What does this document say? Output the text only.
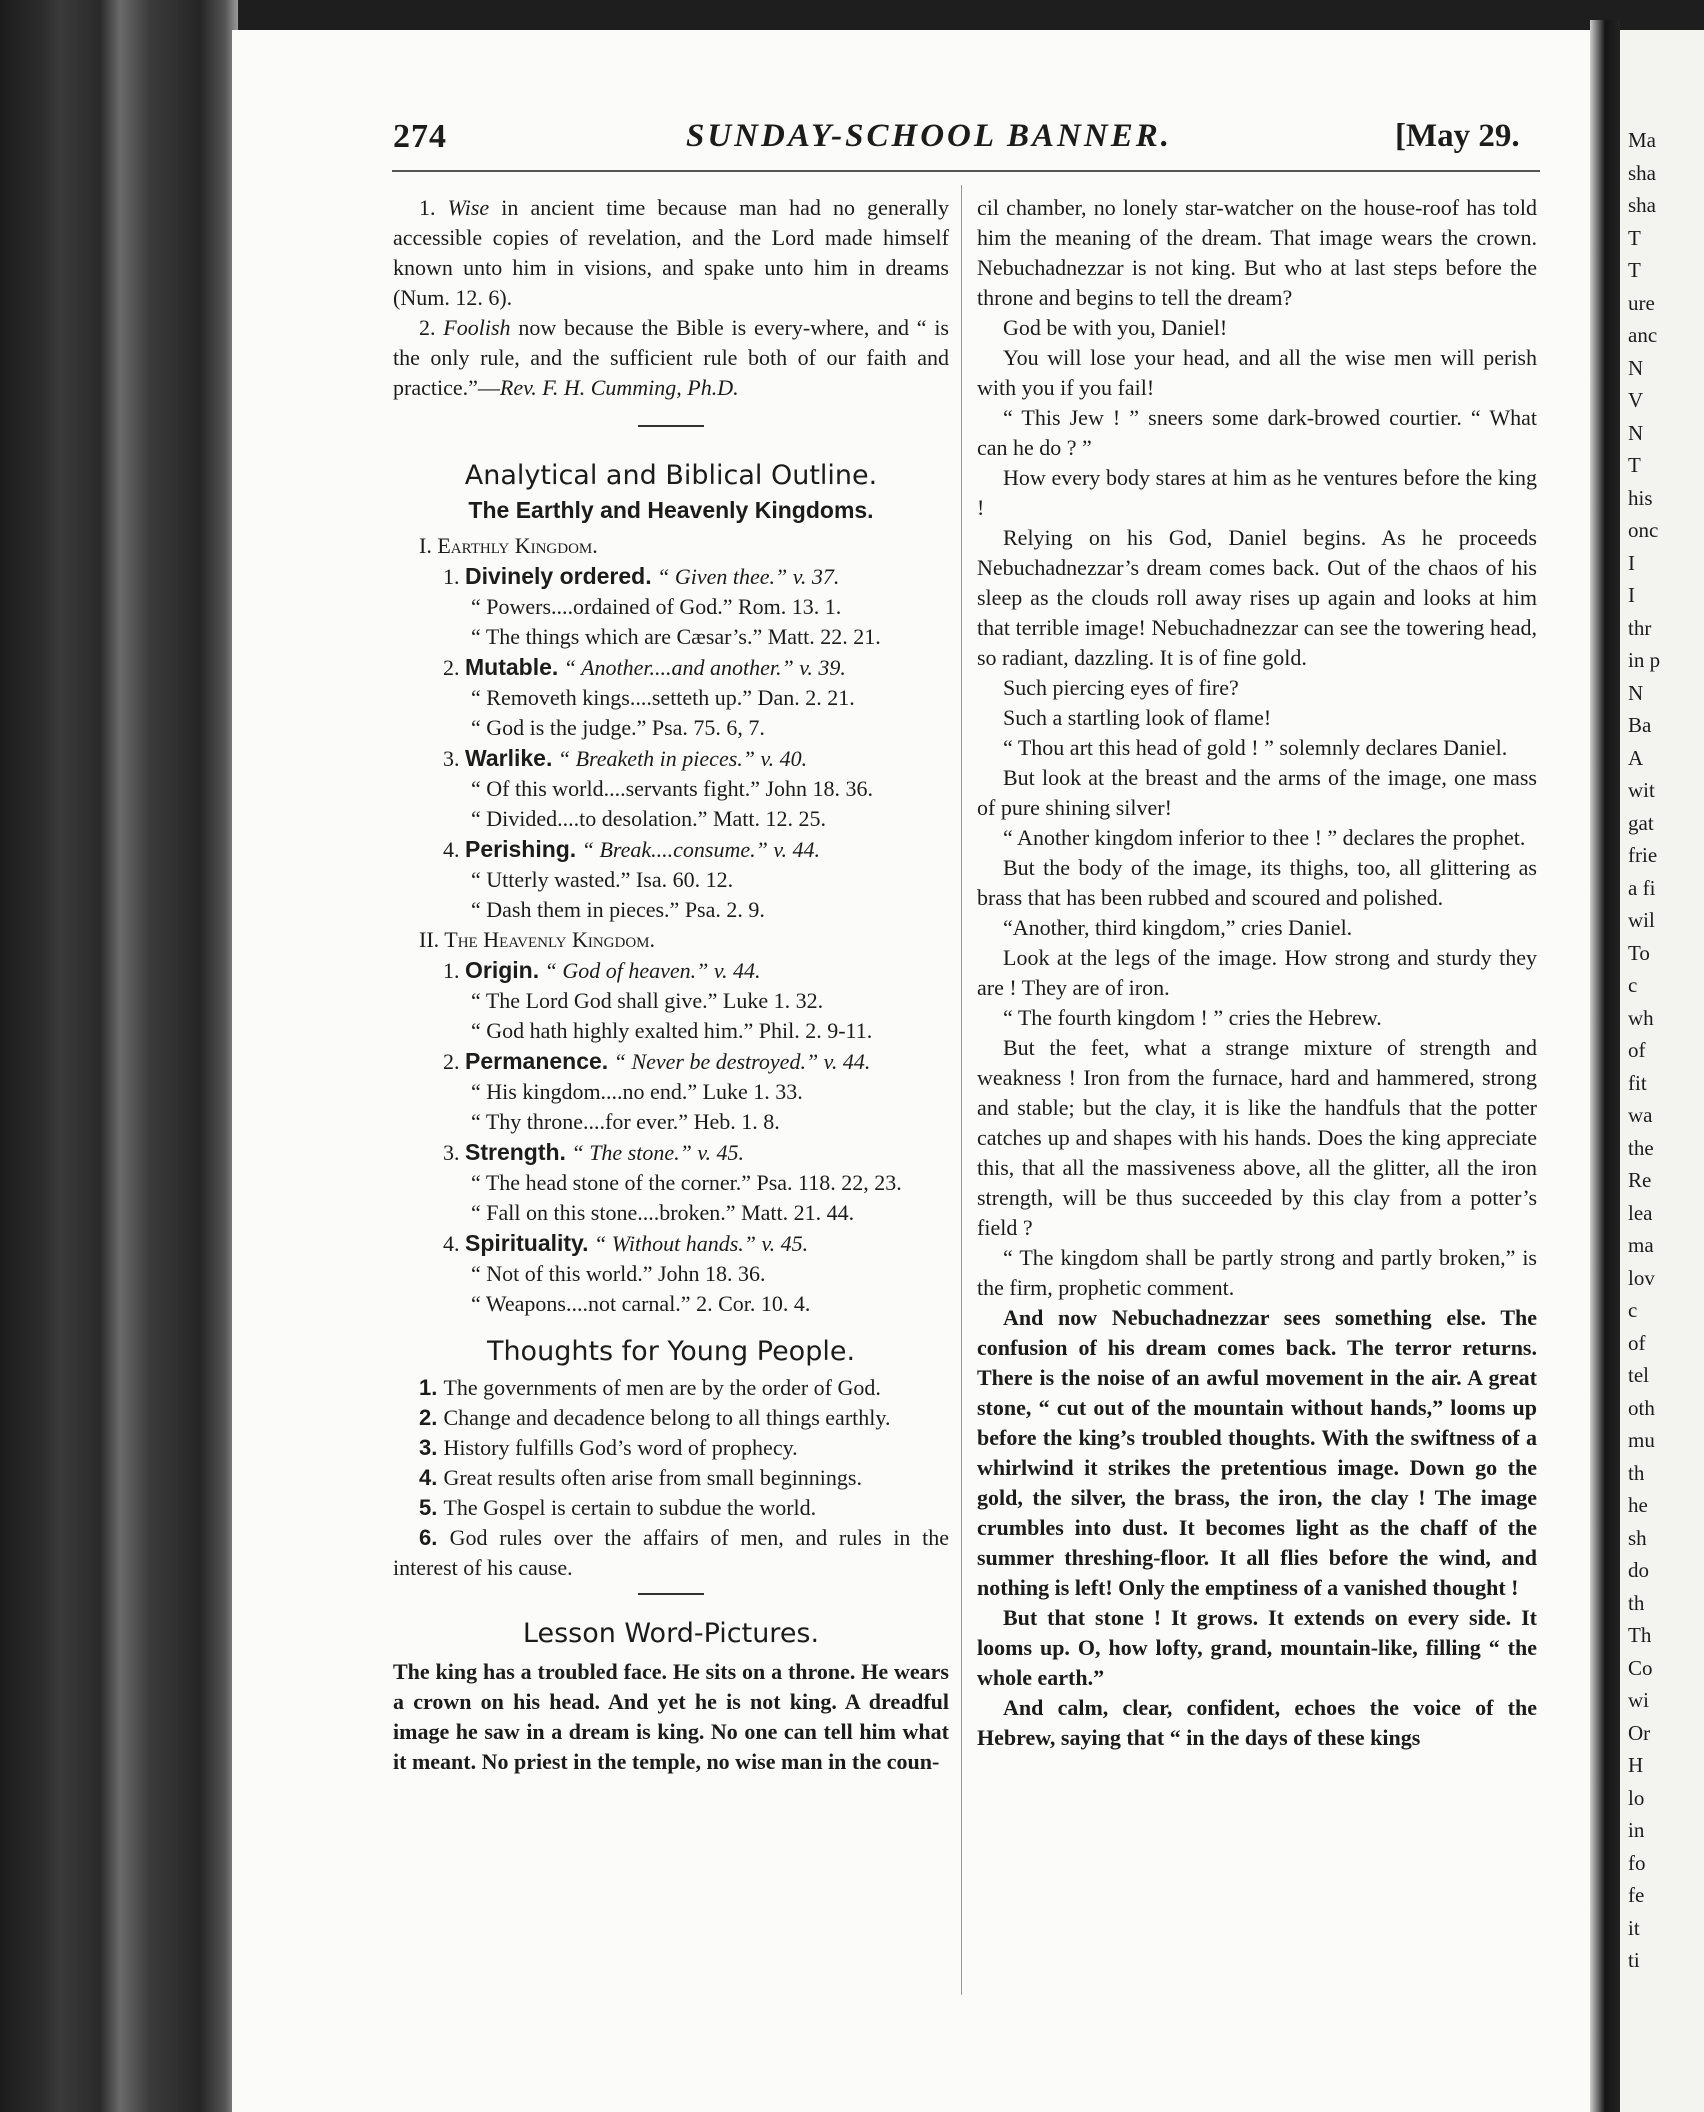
Ma
sha
sha
T
T
ure
anc
N
V
N
T
his
onc
I
I
thr
in p
N
Ba
A
wit
gat
frie
a fi
wil
To
c
wh
of
fit
wa
the
Re
lea
ma
lov
c
of
tel
oth
mu
th
he
sh
do
th
Th
Co
wi
Or
H
lo
in
fo
fe
it
ti
274	SUNDAY-SCHOOL BANNER.	[May 29.

1. Wise in ancient time because man had no generally accessible copies of revelation, and the Lord made himself known unto him in visions, and spake unto him in dreams (Num. 12. 6).

2. Foolish now because the Bible is every-where, and “ is the only rule, and the sufficient rule both of our faith and practice.”—Rev. F. H. Cumming, Ph.D.

Analytical and Biblical Outline.

The Earthly and Heavenly Kingdoms.

I. Earthly Kingdom.

1. Divinely ordered. “ Given thee.” v. 37.

“ Powers....ordained of God.” Rom. 13. 1.

“ The things which are Cæsar’s.” Matt. 22. 21.

2. Mutable. “ Another....and another.” v. 39.

“ Removeth kings....setteth up.” Dan. 2. 21.

“ God is the judge.” Psa. 75. 6, 7.

3. Warlike. “ Breaketh in pieces.” v. 40.

“ Of this world....servants fight.” John 18. 36.

“ Divided....to desolation.” Matt. 12. 25.

4. Perishing. “ Break....consume.” v. 44.

“ Utterly wasted.” Isa. 60. 12.

“ Dash them in pieces.” Psa. 2. 9.

II. The Heavenly Kingdom.

1. Origin. “ God of heaven.” v. 44.

“ The Lord God shall give.” Luke 1. 32.

“ God hath highly exalted him.” Phil. 2. 9-11.

2. Permanence. “ Never be destroyed.” v. 44.

“ His kingdom....no end.” Luke 1. 33.

“ Thy throne....for ever.” Heb. 1. 8.

3. Strength. “ The stone.” v. 45.

“ The head stone of the corner.” Psa. 118. 22, 23.

“ Fall on this stone....broken.” Matt. 21. 44.

4. Spirituality. “ Without hands.” v. 45.

“ Not of this world.” John 18. 36.

“ Weapons....not carnal.” 2. Cor. 10. 4.

Thoughts for Young People.

1. The governments of men are by the order of God.

2. Change and decadence belong to all things earthly.

3. History fulfills God’s word of prophecy.

4. Great results often arise from small beginnings.

5. The Gospel is certain to subdue the world.

6. God rules over the affairs of men, and rules in the interest of his cause.

Lesson Word-Pictures.

The king has a troubled face. He sits on a throne. He wears a crown on his head. And yet he is not king. A dreadful image he saw in a dream is king. No one can tell him what it meant. No priest in the temple, no wise man in the coun-

cil chamber, no lonely star-watcher on the house-roof has told him the meaning of the dream. That image wears the crown. Nebuchadnezzar is not king. But who at last steps before the throne and begins to tell the dream?

God be with you, Daniel!

You will lose your head, and all the wise men will perish with you if you fail!

“ This Jew ! ” sneers some dark-browed courtier. “ What can he do ? ”

How every body stares at him as he ventures before the king !

Relying on his God, Daniel begins. As he proceeds Nebuchadnezzar’s dream comes back. Out of the chaos of his sleep as the clouds roll away rises up again and looks at him that terrible image! Nebuchadnezzar can see the towering head, so radiant, dazzling. It is of fine gold.

Such piercing eyes of fire?

Such a startling look of flame!

“ Thou art this head of gold ! ” solemnly declares Daniel.

But look at the breast and the arms of the image, one mass of pure shining silver!

“ Another kingdom inferior to thee ! ” declares the prophet.

But the body of the image, its thighs, too, all glittering as brass that has been rubbed and scoured and polished.

“Another, third kingdom,” cries Daniel.

Look at the legs of the image. How strong and sturdy they are ! They are of iron.

“ The fourth kingdom ! ” cries the Hebrew.

But the feet, what a strange mixture of strength and weakness ! Iron from the furnace, hard and hammered, strong and stable; but the clay, it is like the handfuls that the potter catches up and shapes with his hands. Does the king appreciate this, that all the massiveness above, all the glitter, all the iron strength, will be thus succeeded by this clay from a potter’s field ?

“ The kingdom shall be partly strong and partly broken,” is the firm, prophetic comment.

And now Nebuchadnezzar sees something else. The confusion of his dream comes back. The terror returns. There is the noise of an awful movement in the air. A great stone, “ cut out of the mountain without hands,” looms up before the king’s troubled thoughts. With the swiftness of a whirlwind it strikes the pretentious image. Down go the gold, the silver, the brass, the iron, the clay ! The image crumbles into dust. It becomes light as the chaff of the summer threshing-floor. It all flies before the wind, and nothing is left! Only the emptiness of a vanished thought !

But that stone ! It grows. It extends on every side. It looms up. O, how lofty, grand, mountain-like, filling “ the whole earth.”

And calm, clear, confident, echoes the voice of the Hebrew, saying that “ in the days of these kings
